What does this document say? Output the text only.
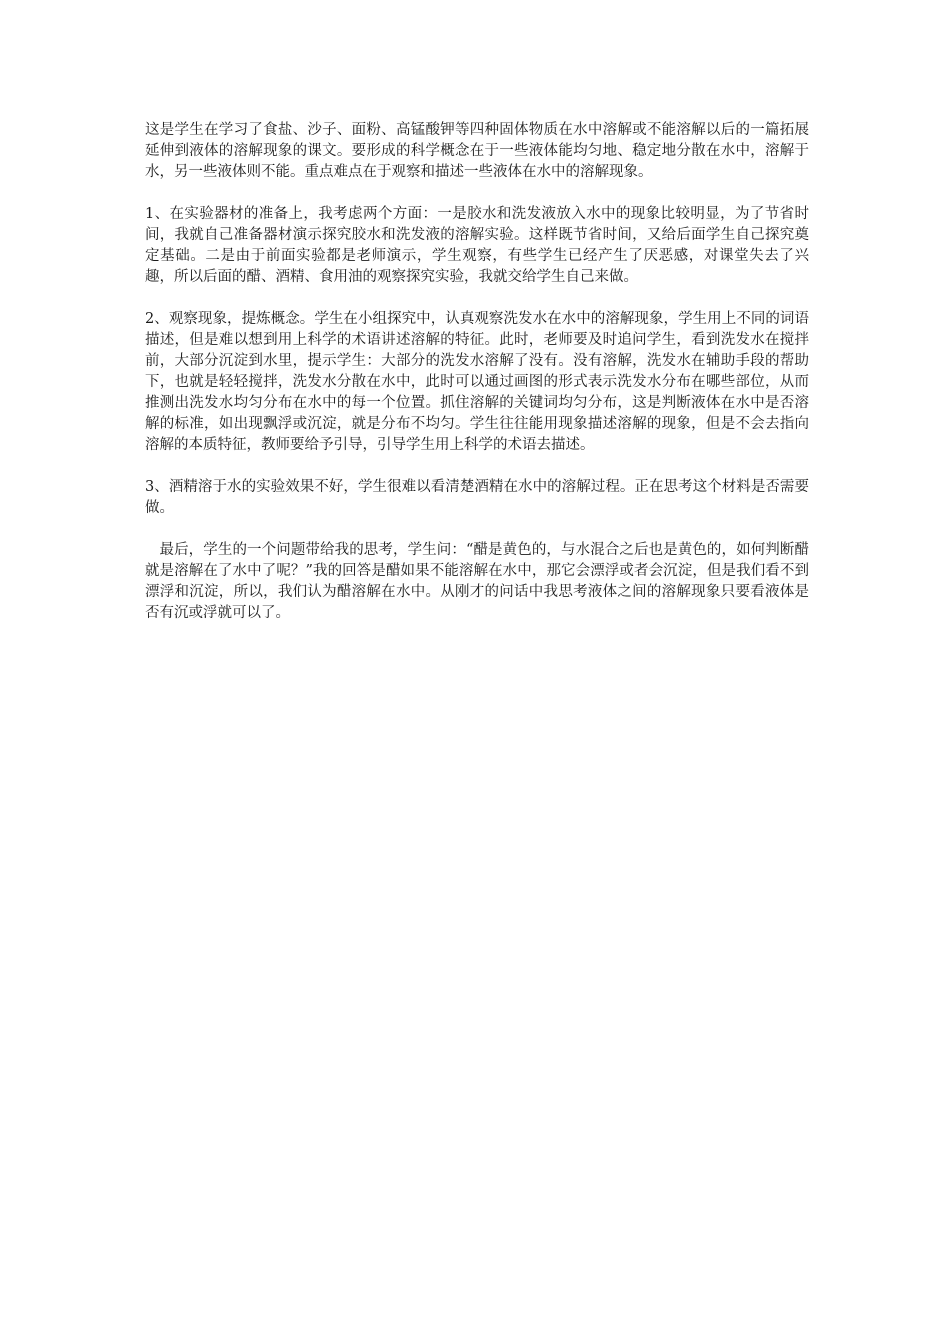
这是学生在学习了食盐、沙子、面粉、高锰酸钾等四种固体物质在水中溶解或不能溶解以后的一篇拓展延伸到液体的溶解现象的课文。要形成的科学概念在于一些液体能均匀地、稳定地分散在水中，溶解于水，另一些液体则不能。重点难点在于观察和描述一些液体在水中的溶解现象。

1、在实验器材的准备上，我考虑两个方面：一是胶水和洗发液放入水中的现象比较明显，为了节省时间，我就自己准备器材演示探究胶水和洗发液的溶解实验。这样既节省时间，又给后面学生自己探究奠定基础。二是由于前面实验都是老师演示，学生观察，有些学生已经产生了厌恶感，对课堂失去了兴趣，所以后面的醋、酒精、食用油的观察探究实验，我就交给学生自己来做。

2、观察现象，提炼概念。学生在小组探究中，认真观察洗发水在水中的溶解现象，学生用上不同的词语描述，但是难以想到用上科学的术语讲述溶解的特征。此时，老师要及时追问学生，看到洗发水在搅拌前，大部分沉淀到水里，提示学生：大部分的洗发水溶解了没有。没有溶解，洗发水在辅助手段的帮助下，也就是轻轻搅拌，洗发水分散在水中，此时可以通过画图的形式表示洗发水分布在哪些部位，从而推测出洗发水均匀分布在水中的每一个位置。抓住溶解的关键词均匀分布，这是判断液体在水中是否溶解的标准，如出现飘浮或沉淀，就是分布不均匀。学生往往能用现象描述溶解的现象，但是不会去指向溶解的本质特征，教师要给予引导，引导学生用上科学的术语去描述。

3、酒精溶于水的实验效果不好，学生很难以看清楚酒精在水中的溶解过程。正在思考这个材料是否需要做。

最后，学生的一个问题带给我的思考，学生问：“醋是黄色的，与水混合之后也是黄色的，如何判断醋就是溶解在了水中了呢？”我的回答是醋如果不能溶解在水中，那它会漂浮或者会沉淀，但是我们看不到漂浮和沉淀，所以，我们认为醋溶解在水中。从刚才的问话中我思考液体之间的溶解现象只要看液体是否有沉或浮就可以了。
